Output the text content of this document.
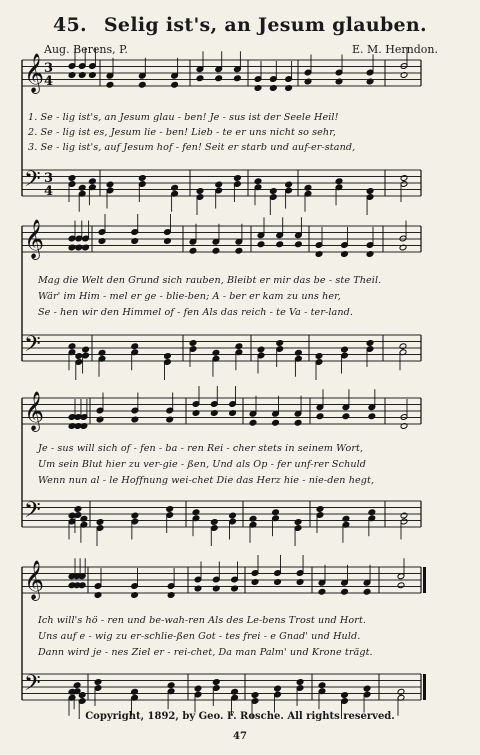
45. Selig ist's, an Jesum glauben.
Aug. Berens, P.	E. M. Herndon.
𝄞
𝄢
3
4
3
4
𝄞
𝄢
𝄞
𝄢
𝄞
𝄢
1. Se - lig ist's, an Jesum glau - ben! Je - sus ist der Seele Heil!
2. Se - lig ist es, Jesum lie - ben! Lieb - te er uns nicht so sehr,
3. Se - lig ist's, auf Jesum hof - fen! Seit er starb und auf-er-stand,
Mag die Welt den Grund sich rauben, Bleibt er mir das be - ste Theil.
Wär' im Him - mel er ge - blie-ben; A - ber er kam zu uns her,
Se - hen wir den Himmel of - fen Als das reich - te Va - ter-land.
Je - sus will sich of - fen - ba - ren Rei - cher stets in seinem Wort,
Um sein Blut hier zu ver-gie - ßen, Und als Op - fer unf-rer Schuld
Wenn nun al - le Hoffnung wei-chet Die das Herz hie - nie-den hegt,
Ich will's hö - ren und be-wah-ren Als des Le-bens Trost und Hort.
Uns auf e - wig zu er-schlie-ßen Got - tes frei - e Gnad' und Huld.
Dann wird je - nes Ziel er - rei-chet, Da man Palm' und Krone trägt.
Copyright, 1892, by Geo. F. Rosche. All rights reserved.
47
